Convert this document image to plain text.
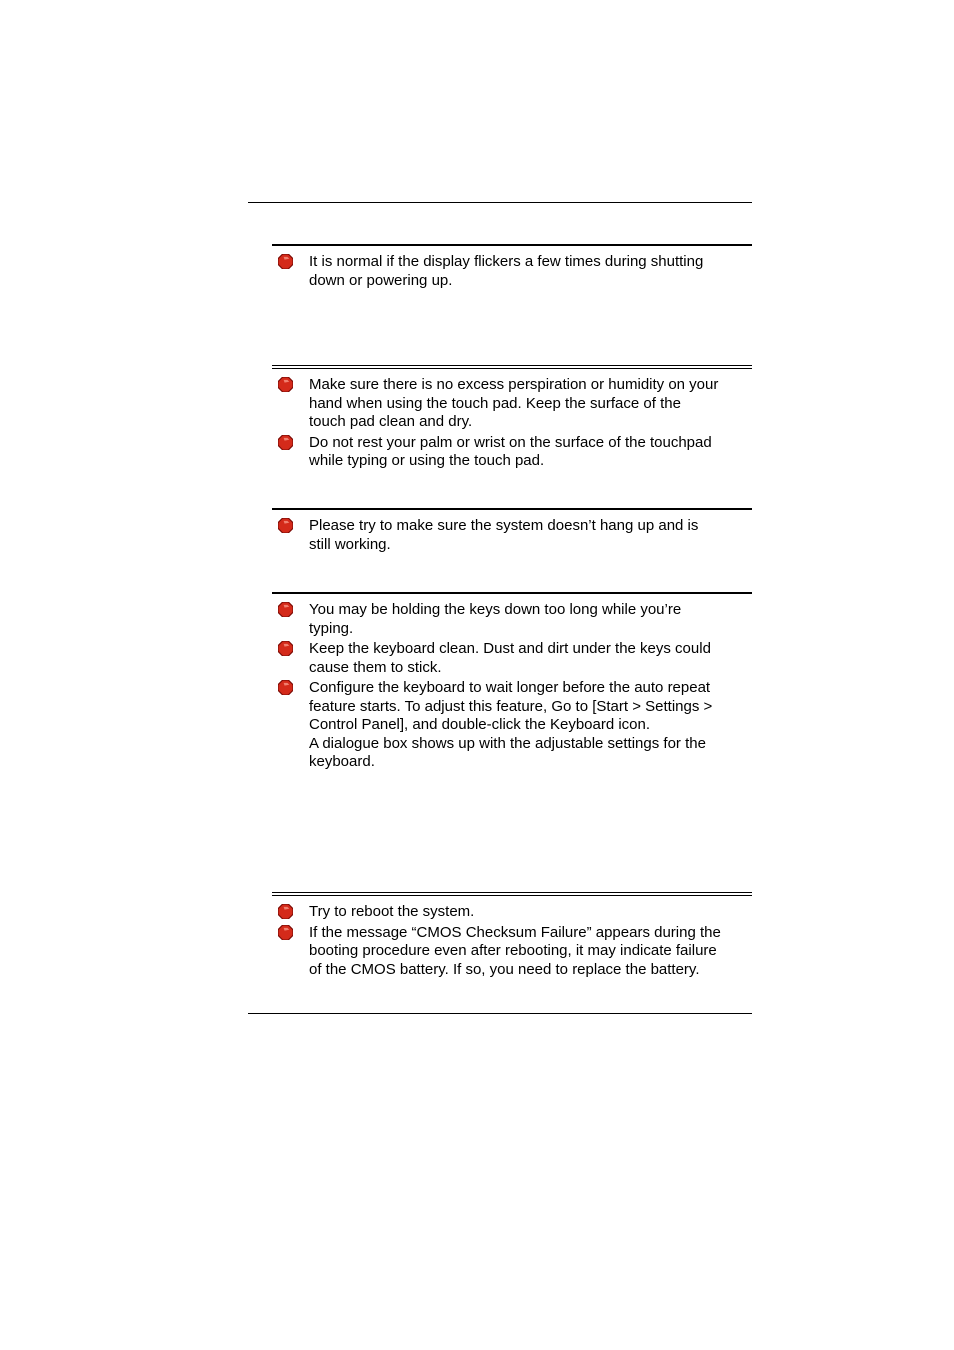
It is normal if the display flickers a few times during shutting
down or powering up.
Make sure there is no excess perspiration or humidity on your
hand when using the touch pad. Keep the surface of the
touch pad clean and dry.
Do not rest your palm or wrist on the surface of the touchpad
while typing or using the touch pad.
Please try to make sure the system doesn’t hang up and is
still working.
You may be holding the keys down too long while you’re
typing.
Keep the keyboard clean. Dust and dirt under the keys could
cause them to stick.
Configure the keyboard to wait longer before the auto repeat
feature starts. To adjust this feature, Go to [Start > Settings >
Control Panel], and double-click the Keyboard icon.
A dialogue box shows up with the adjustable settings for the
keyboard.
Try to reboot the system.
If the message “CMOS Checksum Failure” appears during the
booting procedure even after rebooting, it may indicate failure
of the CMOS battery. If so, you need to replace the battery.
